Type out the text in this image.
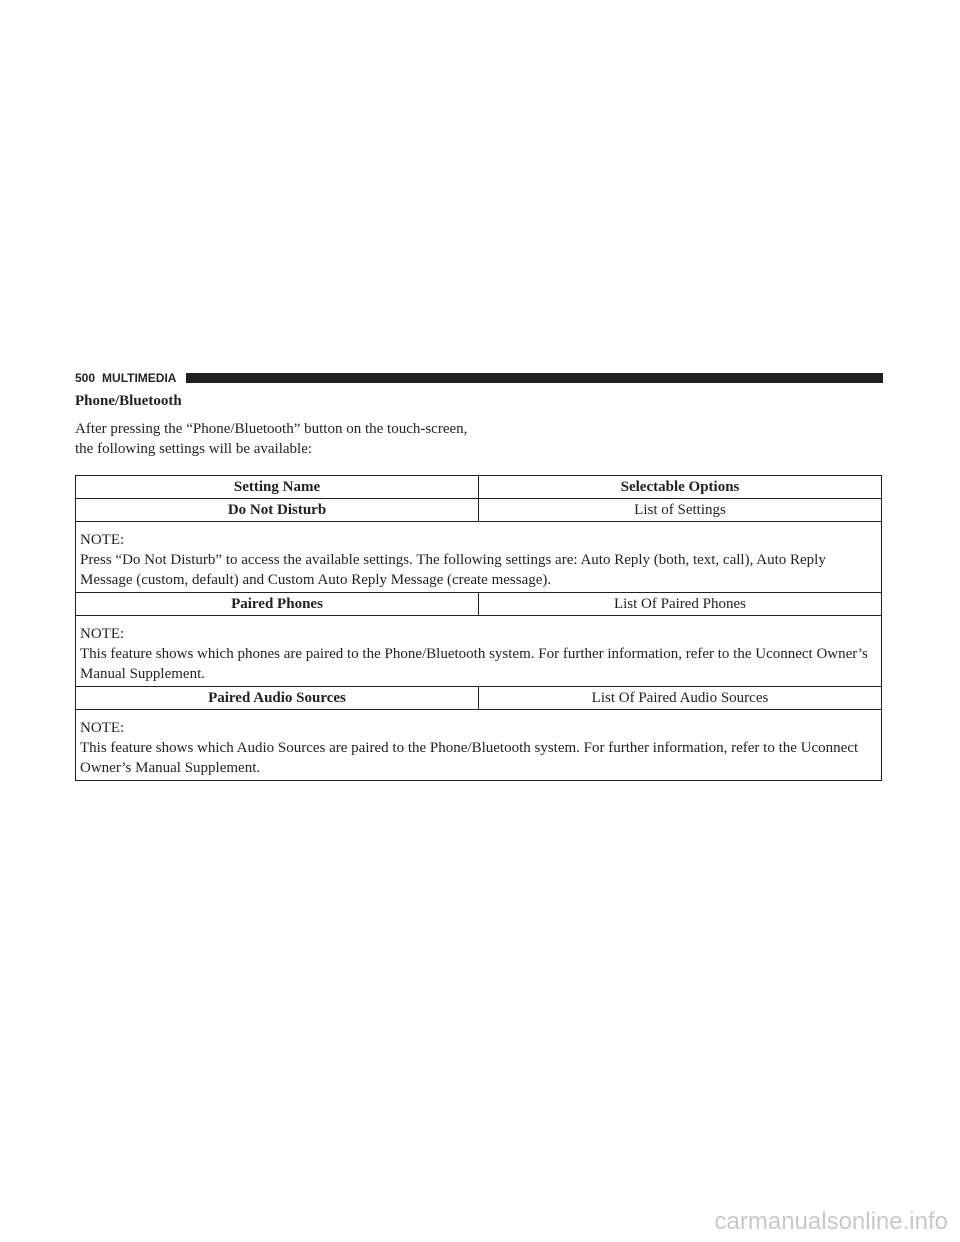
500 MULTIMEDIA
Phone/Bluetooth

After pressing the “Phone/Bluetooth” button on the touch-screen, the following settings will be available:

Setting Name	Selectable Options
Do Not Disturb	List of Settings

NOTE:
Press “Do Not Disturb” to access the available settings. The following settings are: Auto Reply (both, text, call), Auto Reply Message (custom, default) and Custom Auto Reply Message (create message).	

Paired Phones	List Of Paired Phones

NOTE:
This feature shows which phones are paired to the Phone/Bluetooth system. For further information, refer to the Uconnect Owner’s Manual Supplement.	

Paired Audio Sources	List Of Paired Audio Sources

NOTE:
This feature shows which Audio Sources are paired to the Phone/Bluetooth system. For further information, refer to the Uconnect Owner’s Manual Supplement.	
carmanualsonline.info
